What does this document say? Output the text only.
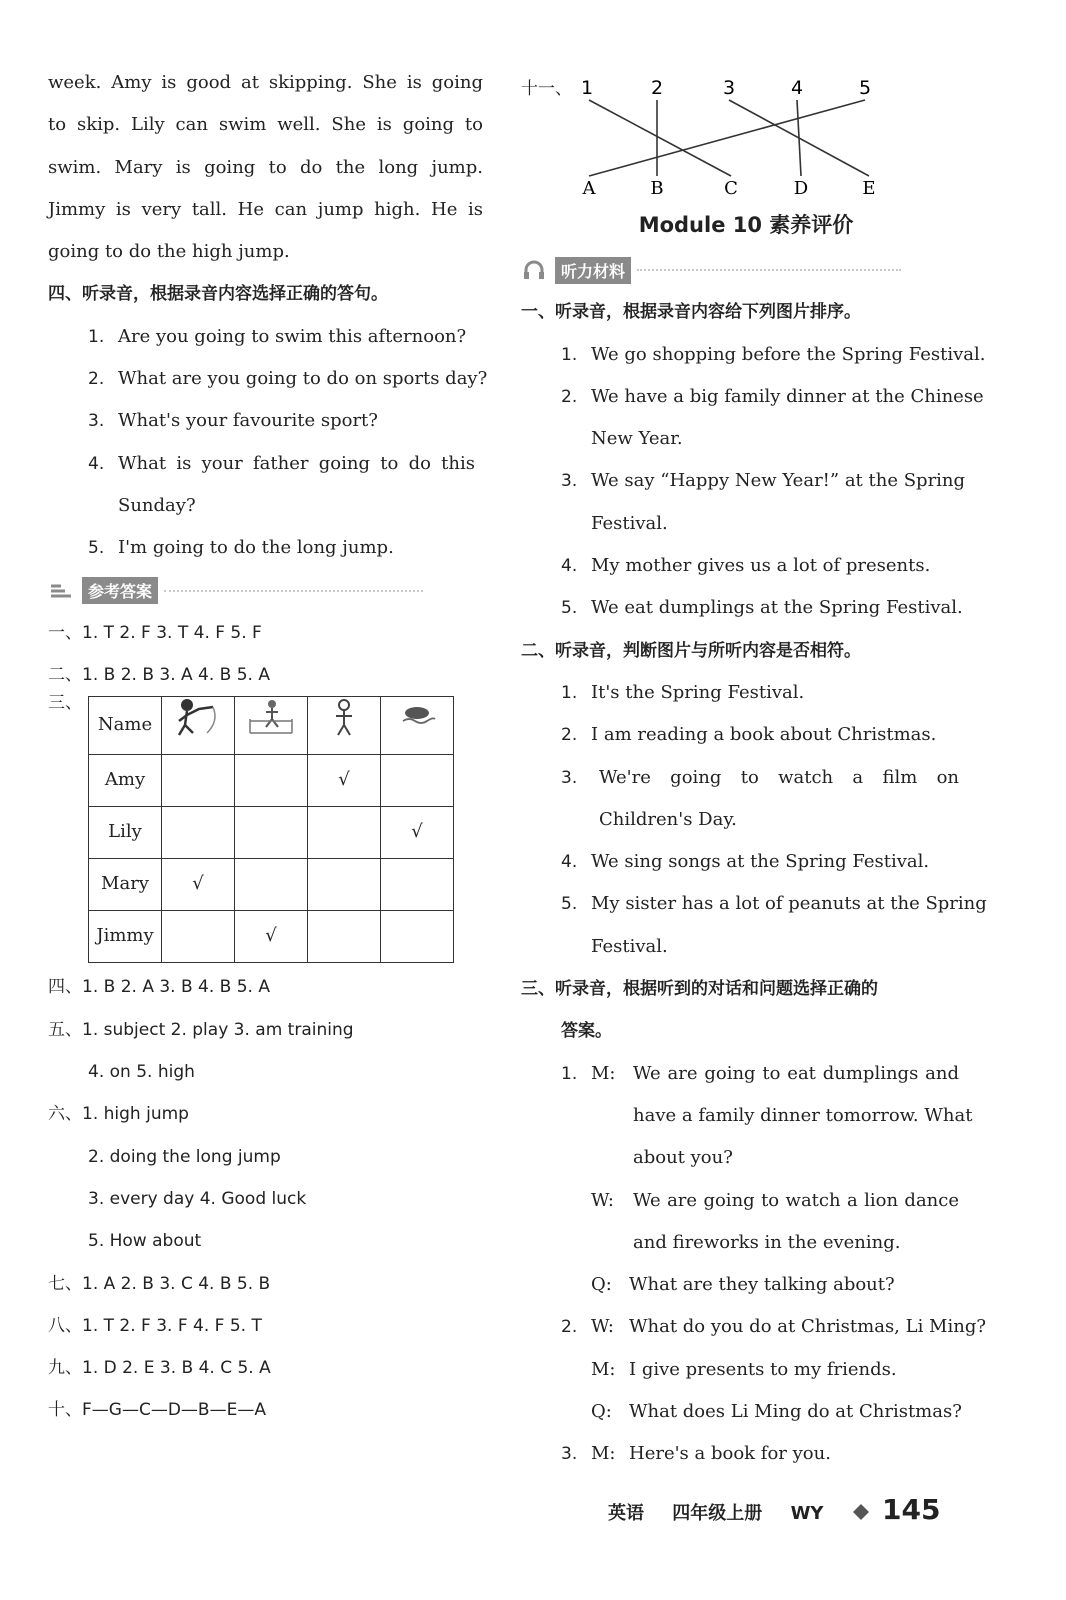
week. Amy is good at skipping. She is going
to skip. Lily can swim well. She is going to
swim. Mary is going to do the long jump.
Jimmy is very tall. He can jump high. He is
going to do the high jump.
四、听录音，根据录音内容选择正确的答句。
1. Are you going to swim this afternoon?
2. What are you going to do on sports day?
3. What's your favourite sport?
4. What is your father going to do this
Sunday?
5. I'm going to do the long jump.
参考答案
一、1. T 2. F 3. T 4. F 5. F
二、1. B 2. B 3. A 4. B 5. A
三、
Name				
Amy			√	
Lily				√
Mary	√			
Jimmy		√		
四、1. B 2. A 3. B 4. B 5. A
五、1. subject 2. play 3. am training
4. on 5. high
六、1. high jump
2. doing the long jump
3. every day 4. Good luck
5. How about
七、1. A 2. B 3. C 4. B 5. B
八、1. T 2. F 3. F 4. F 5. T
九、1. D 2. E 3. B 4. C 5. A
十、F—G—C—D—B—E—A
十一、 1	2	3	4	5
A	B	C	D	E
Module 10 素养评价
听力材料
一、听录音，根据录音内容给下列图片排序。
1. We go shopping before the Spring Festival.
2. We have a big family dinner at the Chinese
New Year.
3. We say “Happy New Year!” at the Spring
Festival.
4. My mother gives us a lot of presents.
5. We eat dumplings at the Spring Festival.
二、听录音，判断图片与所听内容是否相符。
1. It's the Spring Festival.
2. I am reading a book about Christmas.
3.	We're going to watch a film on
Children's Day.
4. We sing songs at the Spring Festival.
5. My sister has a lot of peanuts at the Spring
Festival.
三、听录音，根据听到的对话和问题选择正确的
答案。
1. M: We are going to eat dumplings and
have a family dinner tomorrow. What
about you?
W:	We are going to watch a lion dance
and fireworks in the evening.
Q: What are they talking about?
2. W: What do you do at Christmas, Li Ming?
M: I give presents to my friends.
Q: What does Li Ming do at Christmas?
3. M: Here's a book for you.
英语 四年级上册 WY 145
